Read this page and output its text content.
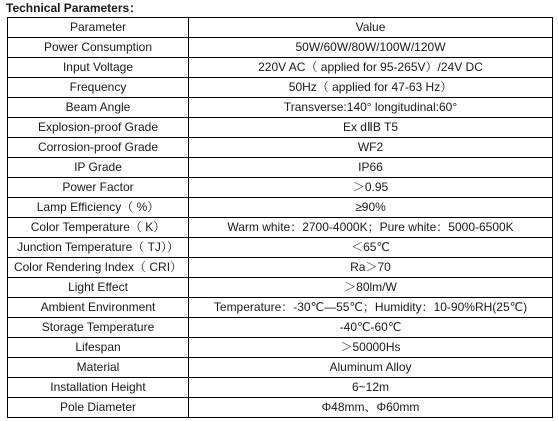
Technical Parameters：
Parameter	Value
Power Consumption	50W/60W/80W/100W/120W
Input Voltage	220V AC（ applied for 95-265V）/24V DC
Frequency	50Hz（ applied for 47-63 Hz）
Beam Angle	Transverse:140° longitudinal:60°
Explosion-proof Grade	Ex dⅡB T5
Corrosion-proof Grade	WF2
IP Grade	IP66
Power Factor	＞0.95
Lamp Efficiency（ %）	≥90%
Color Temperature（ K）	Warm white：2700-4000K；Pure white：5000-6500K
Junction Temperature（ TJ））	＜65℃
Color Rendering Index（ CRI）	Ra＞70
Light Effect	＞80lm/W
Ambient Environment	Temperature：-30℃—55℃；Humidity：10-90%RH(25℃)
Storage Temperature	-40℃-60℃
Lifespan	＞50000Hs
Material	Aluminum Alloy
Installation Height	6~12m
Pole Diameter	Φ48mm、Φ60mm
